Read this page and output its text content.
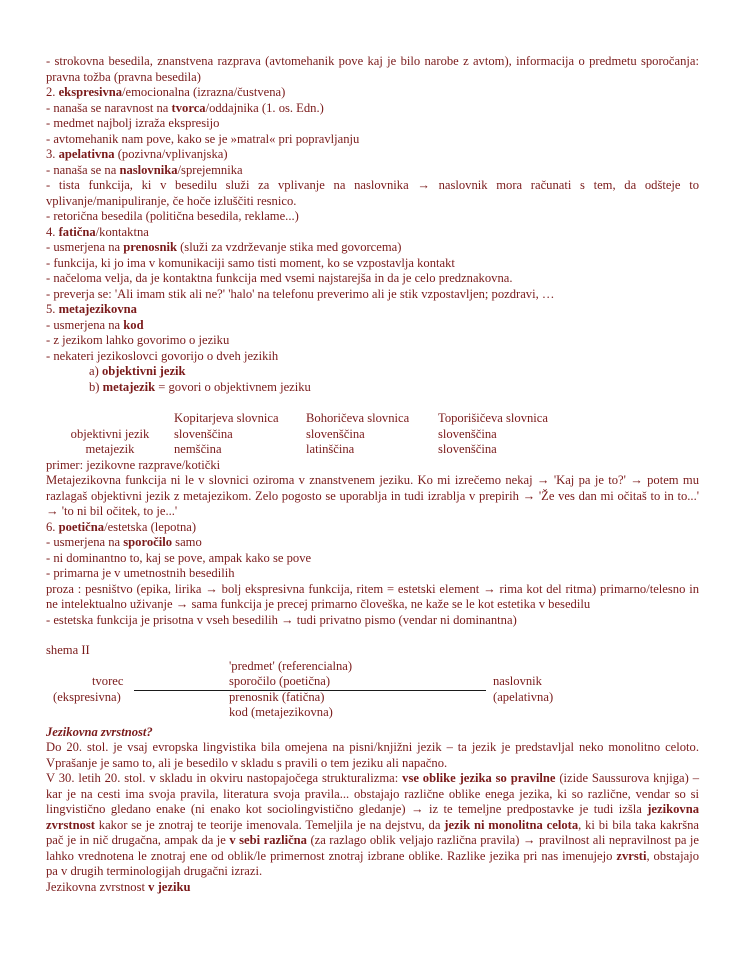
- strokovna besedila, znanstvena razprava (avtomehanik pove kaj je bilo narobe z avtom), informacija o predmetu sporočanja: pravna tožba (pravna besedila)
2. ekspresivna/emocionalna (izrazna/čustvena)
- nanaša se naravnost na tvorca/oddajnika (1. os. Edn.)
- medmet najbolj izraža ekspresijo
- avtomehanik nam pove, kako se je »matral« pri popravljanju
3. apelativna (pozivna/vplivanjska)
- nanaša se na naslovnika/sprejemnika
- tista funkcija, ki v besedilu služi za vplivanje na naslovnika → naslovnik mora računati s tem, da odšteje to vplivanje/manipuliranje, če hoče izluščiti resnico.
- retorična besedila (politična besedila, reklame...)
4. fatična/kontaktna
- usmerjena na prenosnik (služi za vzdrževanje stika med govorcema)
- funkcija, ki jo ima v komunikaciji samo tisti moment, ko se vzpostavlja kontakt
- načeloma velja, da je kontaktna funkcija med vsemi najstarejša in da je celo predznakovna.
- preverja se: 'Ali imam stik ali ne?' 'halo' na telefonu preverimo ali je stik vzpostavljen; pozdravi, …
5. metajezikovna
- usmerjena na kod
- z jezikom lahko govorimo o jeziku
- nekateri jezikoslovci govorijo o dveh jezikih
a) objektivni jezik
b) metajezik = govori o objektivnem jeziku
	Kopitarjeva slovnica	Bohoričeva slovnica	Toporišičeva slovnica
objektivni jezik	slovenščina	slovenščina	slovenščina
metajezik	nemščina	latinščina	slovenščina
primer: jezikovne razprave/kotički
Metajezikovna funkcija ni le v slovnici oziroma v znanstvenem jeziku. Ko mi izrečemo nekaj → 'Kaj pa je to?' → potem mu razlagaš objektivni jezik z metajezikom. Zelo pogosto se uporablja in tudi izrablja v prepirih → 'Že ves dan mi očitaš to in to...' → 'to ni bil očitek, to je...'
6. poetična/estetska (lepotna)
- usmerjena na sporočilo samo
- ni dominantno to, kaj se pove, ampak kako se pove
- primarna je v umetnostnih besedilih
proza : pesništvo (epika, lirika → bolj ekspresivna funkcija, ritem = estetski element → rima kot del ritma) primarno/telesno in ne intelektualno uživanje → sama funkcija je precej primarno človeška, ne kaže se le kot estetika v besedilu
- estetska funkcija je prisotna v vseh besedilih → tudi privatno pismo (vendar ni dominantna)
shema II
'predmet' (referencialna)
sporočilo (poetična)
tvorec	naslovnik
(ekspresivna)	prenosnik (fatična)	(apelativna)
kod (metajezikovna)
Jezikovna zvrstnost?
Do 20. stol. je vsaj evropska lingvistika bila omejena na pisni/knjižni jezik – ta jezik je predstavljal neko monolitno celoto. Vprašanje je samo to, ali je besedilo v skladu s pravili o tem jeziku ali napačno.
V 30. letih 20. stol. v skladu in okviru nastopajočega strukturalizma: vse oblike jezika so pravilne (izide Saussurova knjiga) – kar je na cesti ima svoja pravila, literatura svoja pravila... obstajajo različne oblike enega jezika, ki so različne, vendar so si lingvistično gledano enake (ni enako kot sociolingvistično gledanje) → iz te temeljne predpostavke je tudi izšla jezikovna zvrstnost kakor se je znotraj te teorije imenovala. Temeljila je na dejstvu, da jezik ni monolitna celota, ki bi bila taka kakršna pač je in nič drugačna, ampak da je v sebi različna (za razlago oblik veljajo različna pravila) → pravilnost ali nepravilnost pa je lahko vrednotena le znotraj ene od oblik/le primernost znotraj izbrane oblike. Razlike jezika pri nas imenujejo zvrsti, obstajajo pa v drugih terminologijah drugačni izrazi.
Jezikovna zvrstnost v jeziku
